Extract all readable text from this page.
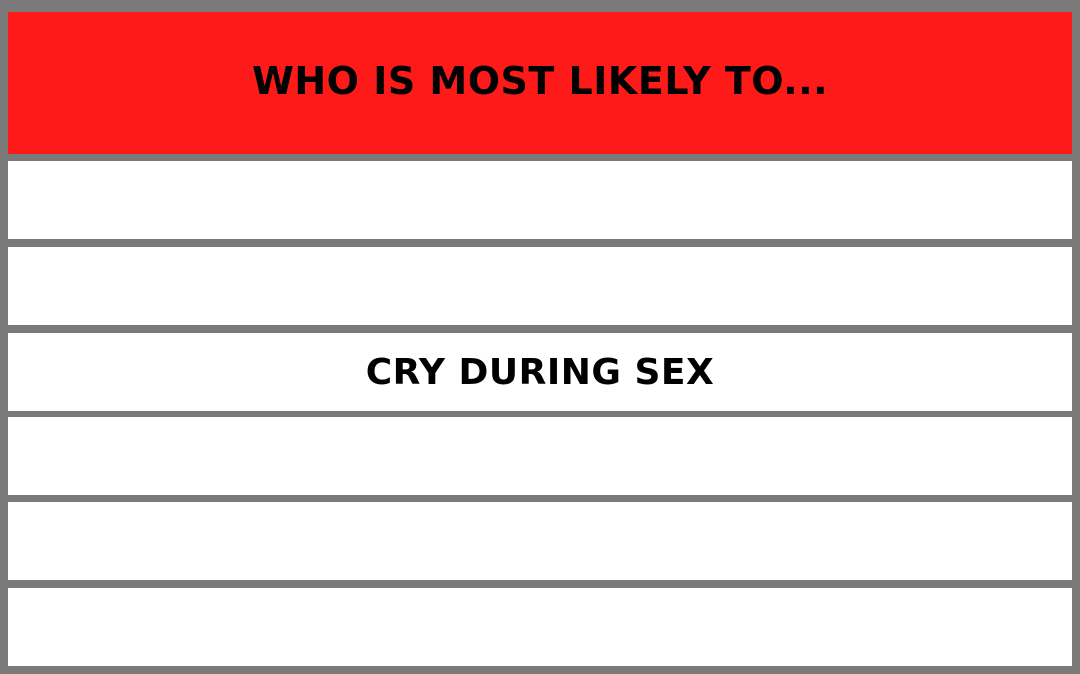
WHO IS MOST LIKELY TO...
CRY DURING SEX
